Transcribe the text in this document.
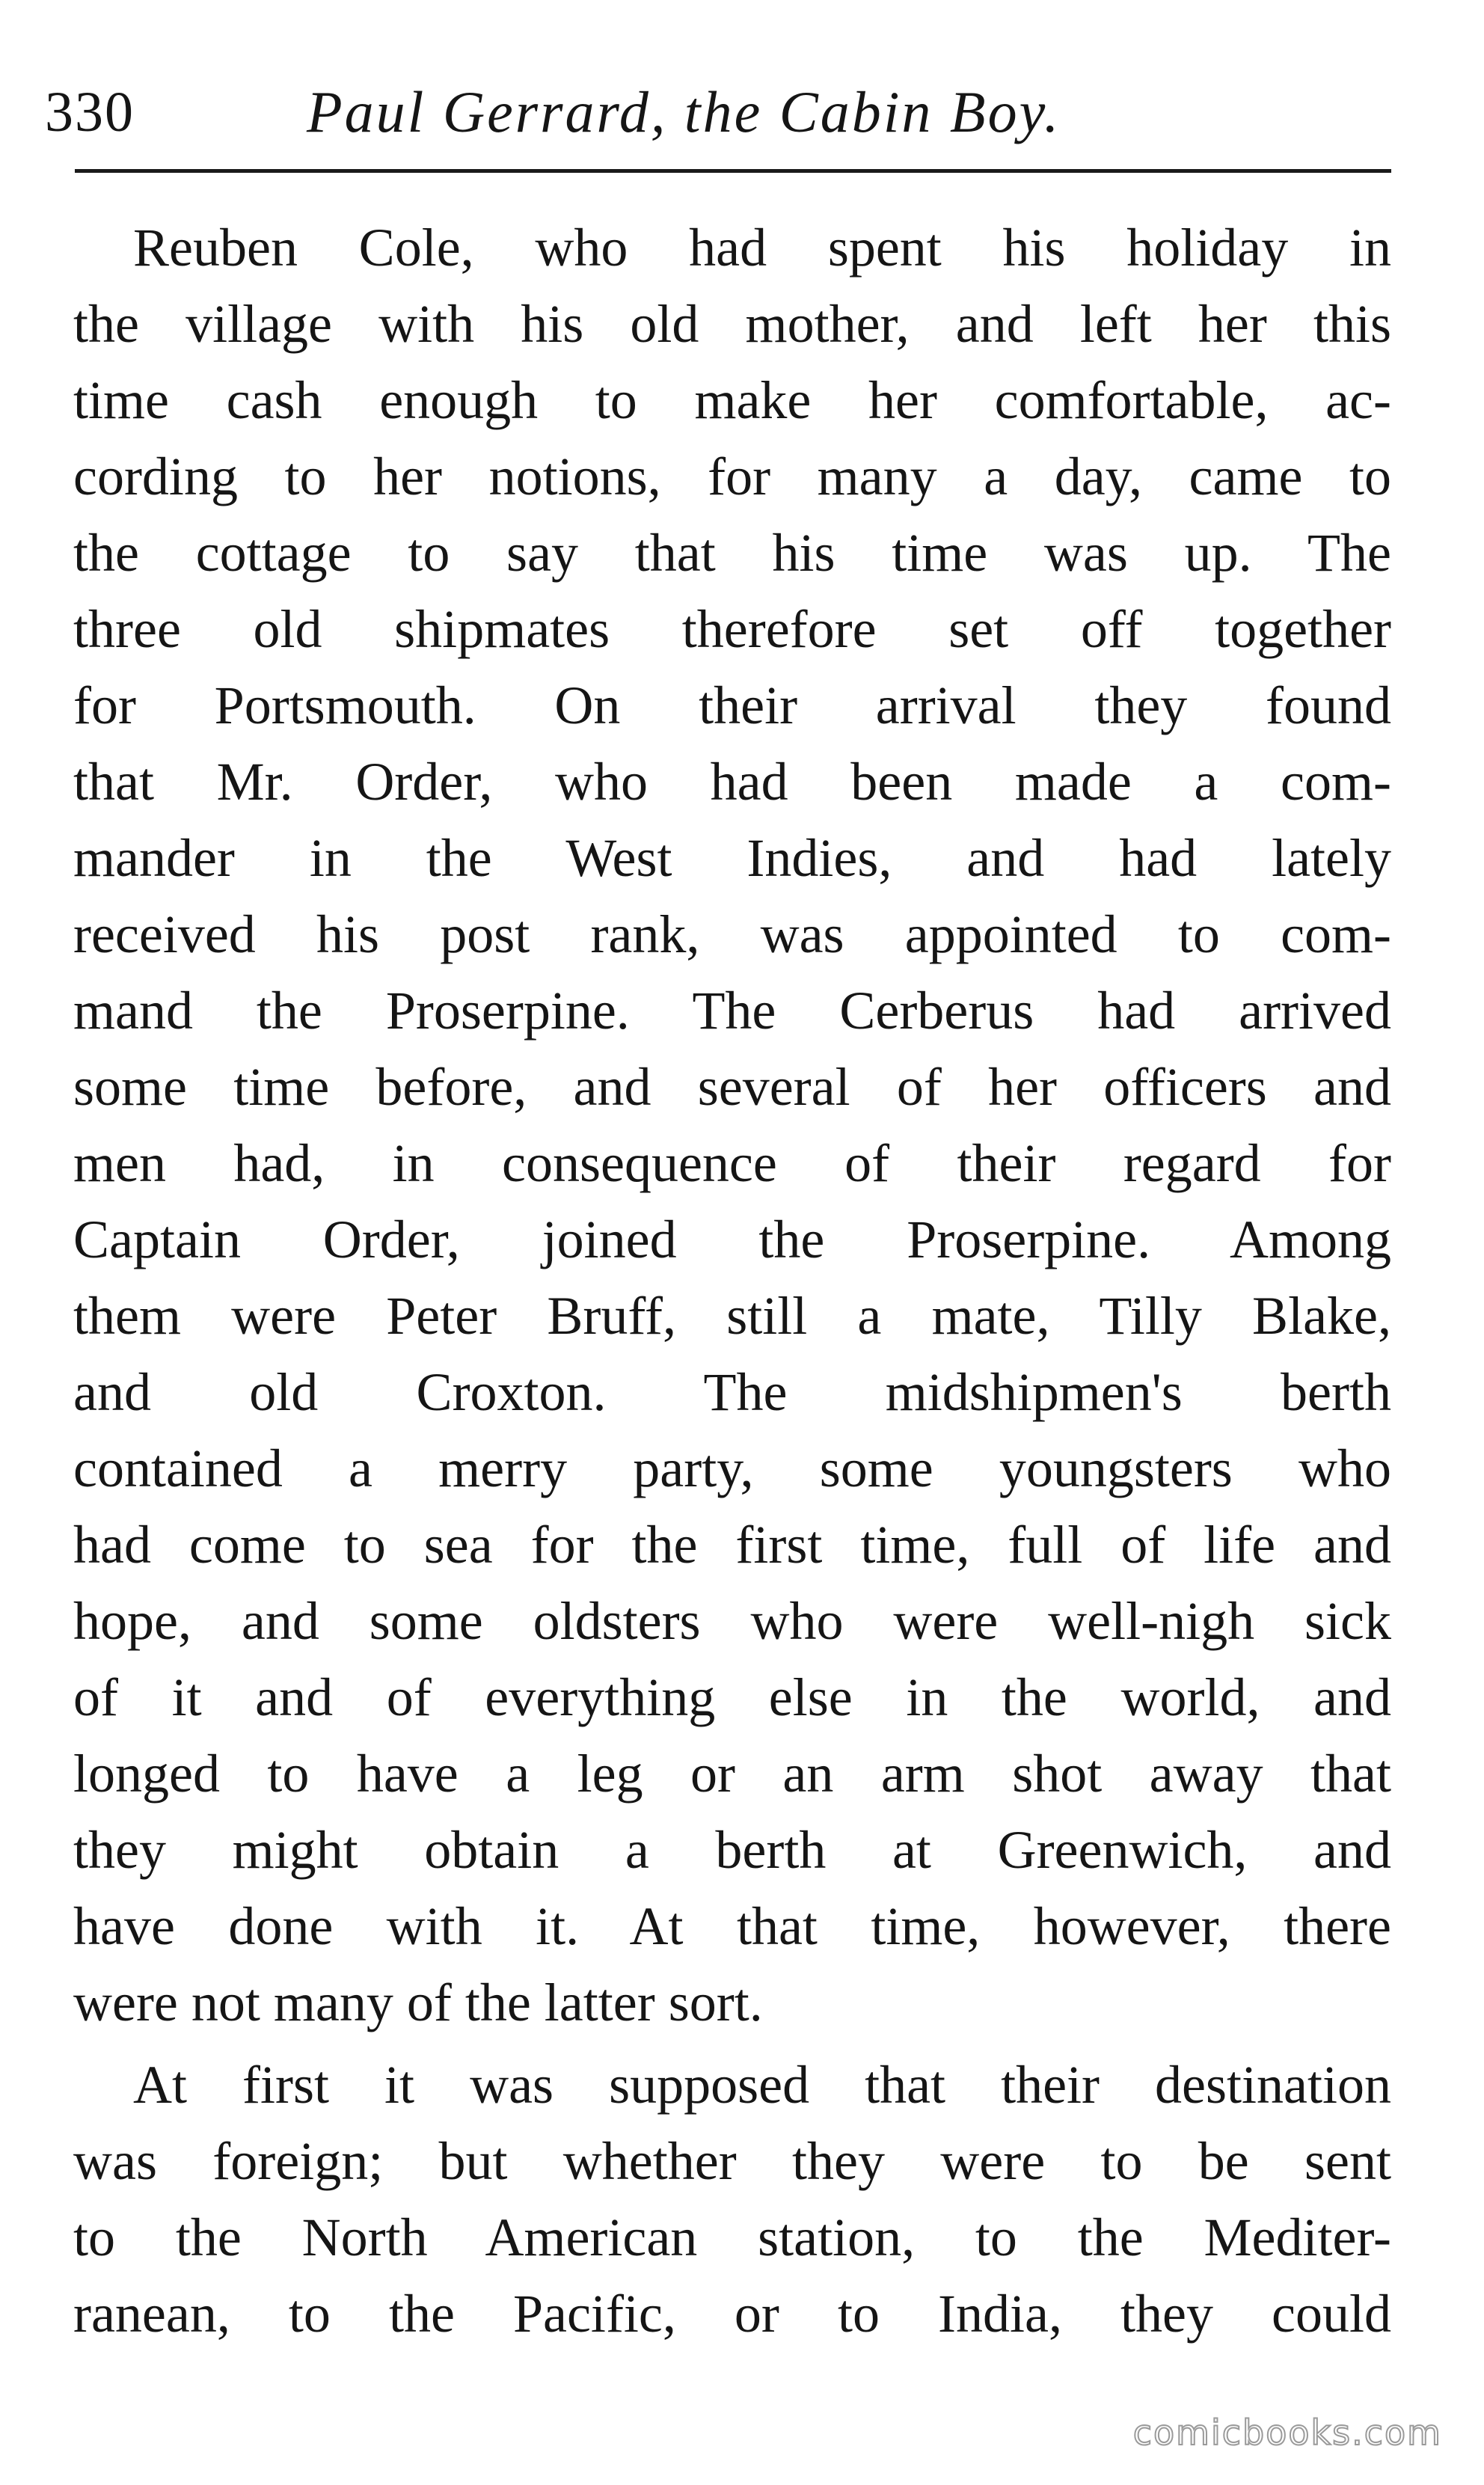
330	Paul Gerrard, the Cabin Boy.
Reuben Cole, who had spent his holiday in
the village with his old mother, and left her this
time cash enough to make her comfortable, ac-
cording to her notions, for many a day, came to
the cottage to say that his time was up. The
three old shipmates therefore set off together
for Portsmouth. On their arrival they found
that Mr. Order, who had been made a com-
mander in the West Indies, and had lately
received his post rank, was appointed to com-
mand the Proserpine. The Cerberus had arrived
some time before, and several of her officers and
men had, in consequence of their regard for
Captain Order, joined the Proserpine. Among
them were Peter Bruff, still a mate, Tilly Blake,
and old Croxton. The midshipmen's berth
contained a merry party, some youngsters who
had come to sea for the first time, full of life and
hope, and some oldsters who were well-nigh sick
of it and of everything else in the world, and
longed to have a leg or an arm shot away that
they might obtain a berth at Greenwich, and
have done with it. At that time, however, there
were not many of the latter sort.
At first it was supposed that their destination
was foreign; but whether they were to be sent
to the North American station, to the Mediter-
ranean, to the Pacific, or to India, they could
comicbooks.com
